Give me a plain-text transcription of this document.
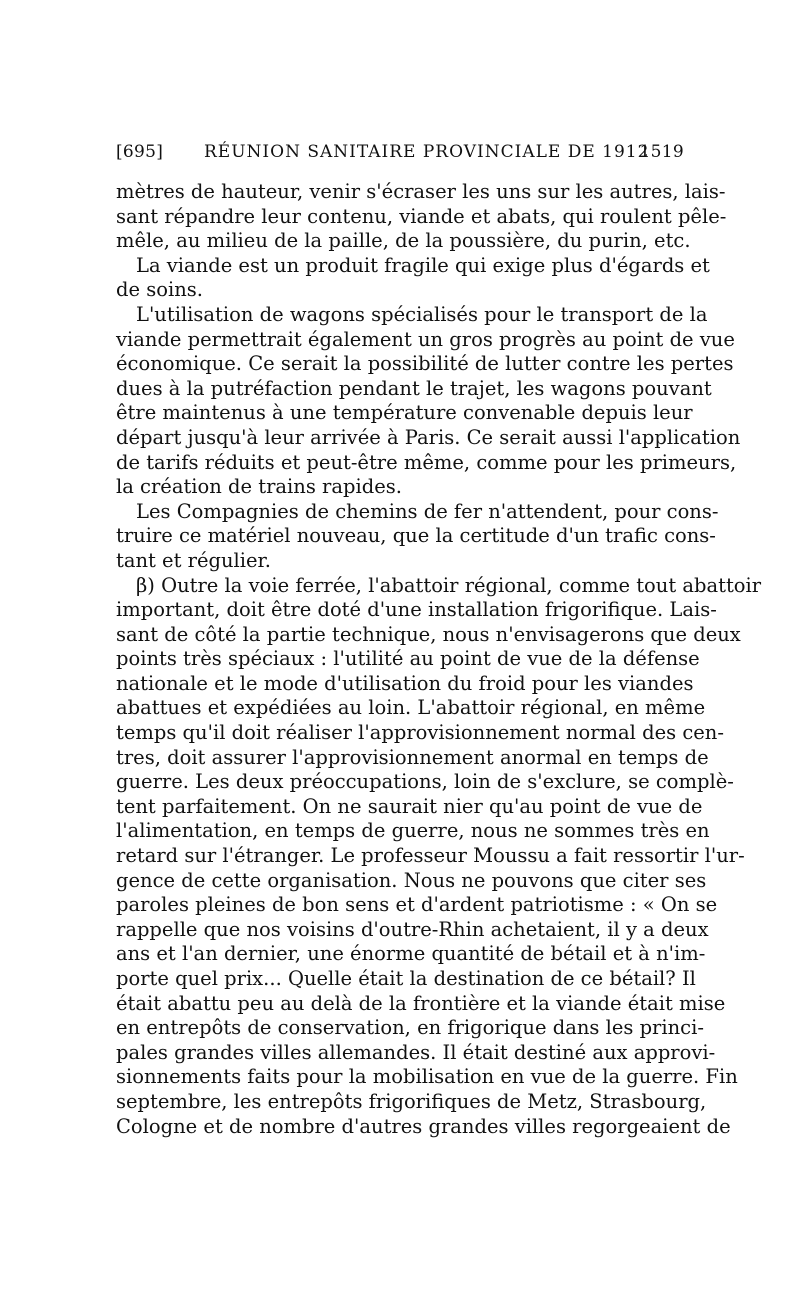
[695] RÉUNION SANITAIRE PROVINCIALE DE 1912
1519
mètres de hauteur, venir s'écraser les uns sur les autres, lais-
sant répandre leur contenu, viande et abats, qui roulent pêle-
mêle, au milieu de la paille, de la poussière, du purin, etc.
La viande est un produit fragile qui exige plus d'égards et
de soins.
L'utilisation de wagons spécialisés pour le transport de la
viande permettrait également un gros progrès au point de vue
économique. Ce serait la possibilité de lutter contre les pertes
dues à la putréfaction pendant le trajet, les wagons pouvant
être maintenus à une température convenable depuis leur
départ jusqu'à leur arrivée à Paris. Ce serait aussi l'application
de tarifs réduits et peut-être même, comme pour les primeurs,
la création de trains rapides.
Les Compagnies de chemins de fer n'attendent, pour cons-
truire ce matériel nouveau, que la certitude d'un trafic cons-
tant et régulier.
β) Outre la voie ferrée, l'abattoir régional, comme tout abattoir
important, doit être doté d'une installation frigorifique. Lais-
sant de côté la partie technique, nous n'envisagerons que deux
points très spéciaux : l'utilité au point de vue de la défense
nationale et le mode d'utilisation du froid pour les viandes
abattues et expédiées au loin. L'abattoir régional, en même
temps qu'il doit réaliser l'approvisionnement normal des cen-
tres, doit assurer l'approvisionnement anormal en temps de
guerre. Les deux préoccupations, loin de s'exclure, se complè-
tent parfaitement. On ne saurait nier qu'au point de vue de
l'alimentation, en temps de guerre, nous ne sommes très en
retard sur l'étranger. Le professeur Moussu a fait ressortir l'ur-
gence de cette organisation. Nous ne pouvons que citer ses
paroles pleines de bon sens et d'ardent patriotisme : « On se
rappelle que nos voisins d'outre-Rhin achetaient, il y a deux
ans et l'an dernier, une énorme quantité de bétail et à n'im-
porte quel prix... Quelle était la destination de ce bétail? Il
était abattu peu au delà de la frontière et la viande était mise
en entrepôts de conservation, en frigorique dans les princi-
pales grandes villes allemandes. Il était destiné aux approvi-
sionnements faits pour la mobilisation en vue de la guerre. Fin
septembre, les entrepôts frigorifiques de Metz, Strasbourg,
Cologne et de nombre d'autres grandes villes regorgeaient de
